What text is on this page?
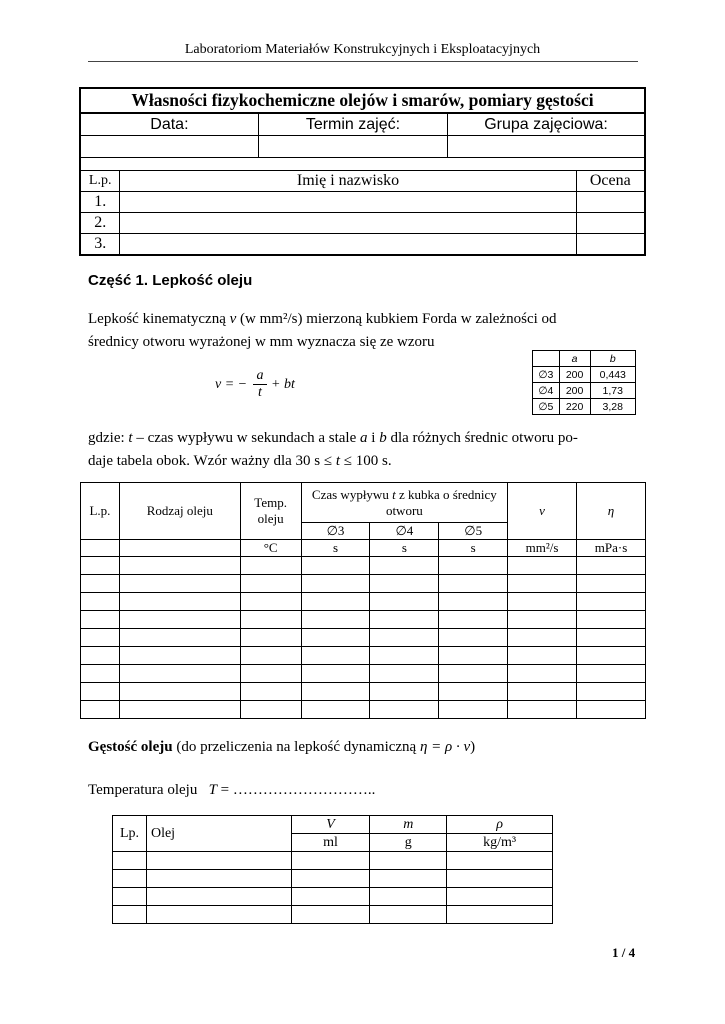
Laboratoriom Materiałów Konstrukcyjnych i Eksploatacyjnych
Własności fizykochemiczne olejów i smarów, pomiary gęstości				
Data:		Termin zajęć:	Grupa zajęciowa:	

L.p.	Imię i nazwisko			Ocena
1.				
2.				
3.				
Część 1. Lepkość oleju
Lepkość kinematyczną ν (w mm²/s) mierzoną kubkiem Forda w zależności od
średnicy otworu wyrażonej w mm wyznacza się ze wzoru
ν = −
a
t
+ bt
	a	b
∅3	200	0,443
∅4	200	1,73
∅5	220	3,28
gdzie: t – czas wypływu w sekundach a stale a i b dla różnych średnic otworu po-
daje tabela obok. Wzór ważny dla 30 s ≤ t ≤ 100 s.
L.p.	Rodzaj oleju	Temp. oleju	Czas wypływu t z kubka o średnicy otworu			ν	η
			∅3	∅4	∅5		
		°C	s	s	s	mm²/s	mPa·s

Gęstość oleju (do przeliczenia na lepkość dynamiczną η = ρ · ν)
Temperatura oleju   T = ………………………..
Lp.	Olej	V	m	ρ
		ml	g	kg/m³

1 / 4
